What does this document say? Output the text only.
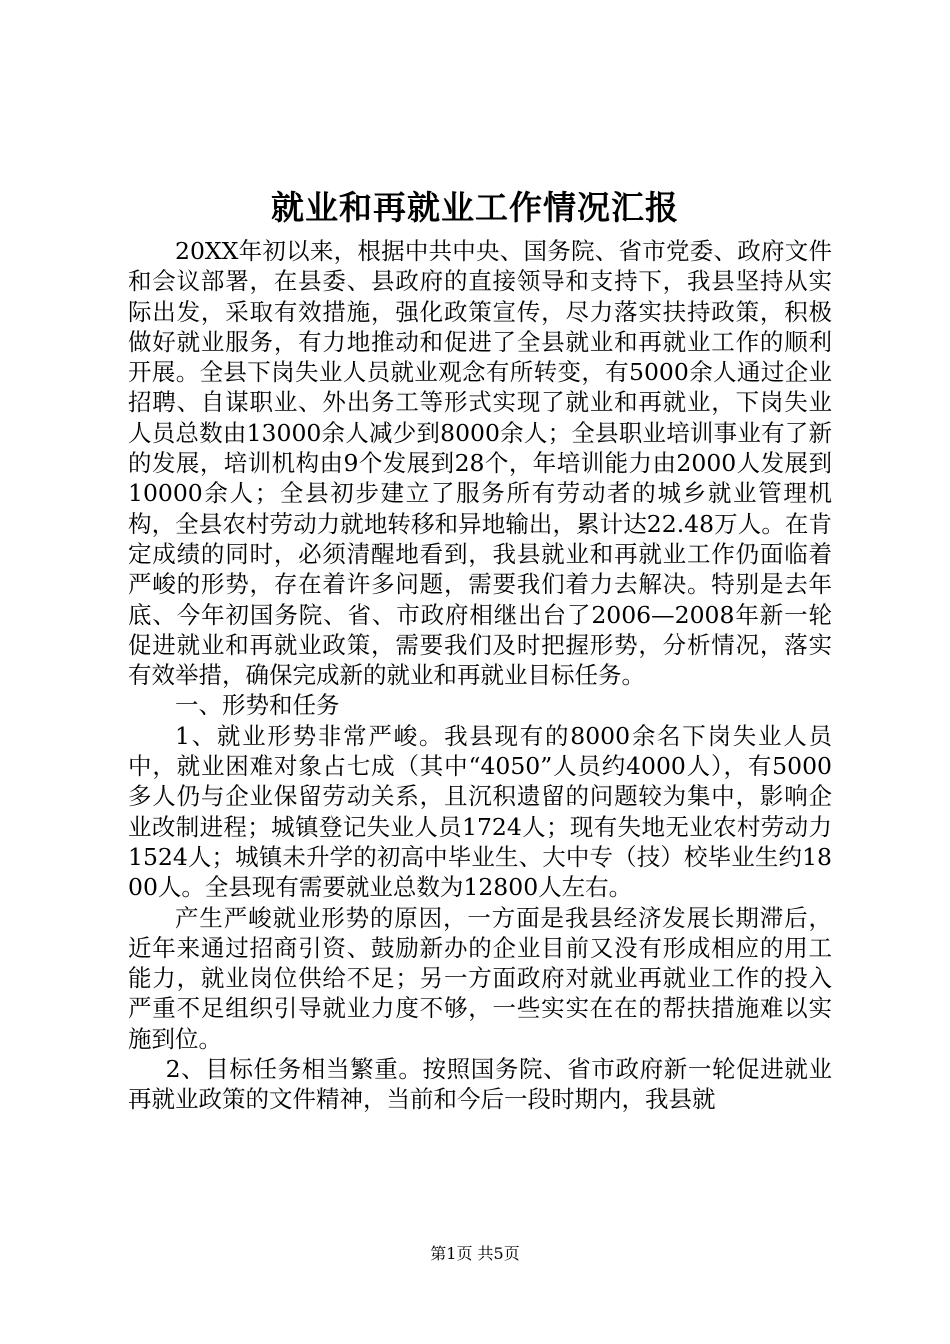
就业和再就业工作情况汇报

20XX年初以来，根据中共中央、国务院、省市党委、政府文件和会议部署，在县委、县政府的直接领导和支持下，我县坚持从实际出发，采取有效措施，强化政策宣传，尽力落实扶持政策，积极做好就业服务，有力地推动和促进了全县就业和再就业工作的顺利开展。全县下岗失业人员就业观念有所转变，有5000余人通过企业招聘、自谋职业、外出务工等形式实现了就业和再就业，下岗失业人员总数由13000余人减少到8000余人；全县职业培训事业有了新的发展，培训机构由9个发展到28个，年培训能力由2000人发展到10000余人；全县初步建立了服务所有劳动者的城乡就业管理机构，全县农村劳动力就地转移和异地输出，累计达22.48万人。在肯定成绩的同时，必须清醒地看到，我县就业和再就业工作仍面临着严峻的形势，存在着许多问题，需要我们着力去解决。特别是去年底、今年初国务院、省、市政府相继出台了2006—2008年新一轮促进就业和再就业政策，需要我们及时把握形势，分析情况，落实有效举措，确保完成新的就业和再就业目标任务。

一、形势和任务

1、就业形势非常严峻。我县现有的8000余名下岗失业人员中，就业困难对象占七成（其中“4050”人员约4000人），有5000多人仍与企业保留劳动关系，且沉积遗留的问题较为集中，影响企业改制进程；城镇登记失业人员1724人；现有失地无业农村劳动力1524人；城镇未升学的初高中毕业生、大中专（技）校毕业生约1800人。全县现有需要就业总数为12800人左右。

产生严峻就业形势的原因，一方面是我县经济发展长期滞后，近年来通过招商引资、鼓励新办的企业目前又没有形成相应的用工能力，就业岗位供给不足；另一方面政府对就业再就业工作的投入严重不足组织引导就业力度不够，一些实实在在的帮扶措施难以实施到位。

2、目标任务相当繁重。按照国务院、省市政府新一轮促进就业再就业政策的文件精神，当前和今后一段时期内，我县就

第1页 共5页
